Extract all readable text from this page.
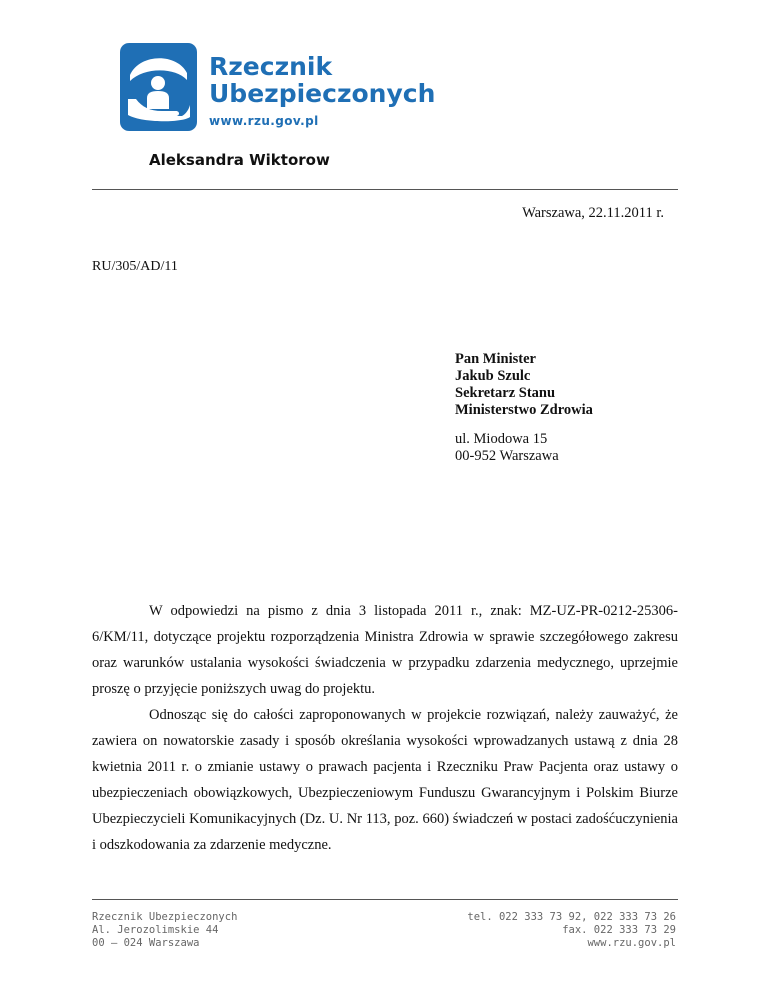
Rzecznik
Ubezpieczonych
www.rzu.gov.pl
Aleksandra Wiktorow
Warszawa, 22.11.2011 r.
RU/305/AD/11
Pan Minister
Jakub Szulc
Sekretarz Stanu
Ministerstwo Zdrowia
ul. Miodowa 15
00-952 Warszawa

W odpowiedzi na pismo z dnia 3 listopada 2011 r., znak: MZ-UZ-PR-0212-25306-6/KM/11, dotyczące projektu rozporządzenia Ministra Zdrowia w sprawie szczegółowego zakresu oraz warunków ustalania wysokości świadczenia w przypadku zdarzenia medycznego, uprzejmie proszę o przyjęcie poniższych uwag do projektu.

Odnosząc się do całości zaproponowanych w projekcie rozwiązań, należy zauważyć, że zawiera on nowatorskie zasady i sposób określania wysokości wprowadzanych ustawą z dnia 28 kwietnia 2011 r. o zmianie ustawy o prawach pacjenta i Rzeczniku Praw Pacjenta oraz ustawy o ubezpieczeniach obowiązkowych, Ubezpieczeniowym Funduszu Gwarancyjnym i Polskim Biurze Ubezpieczycieli Komunikacyjnych (Dz. U. Nr 113, poz. 660) świadczeń w postaci zadośćuczynienia i odszkodowania za zdarzenie medyczne.

Rzecznik Ubezpieczonych
Al. Jerozolimskie 44
00 – 024 Warszawa
tel. 022 333 73 92, 022 333 73 26
fax. 022 333 73 29
www.rzu.gov.pl
